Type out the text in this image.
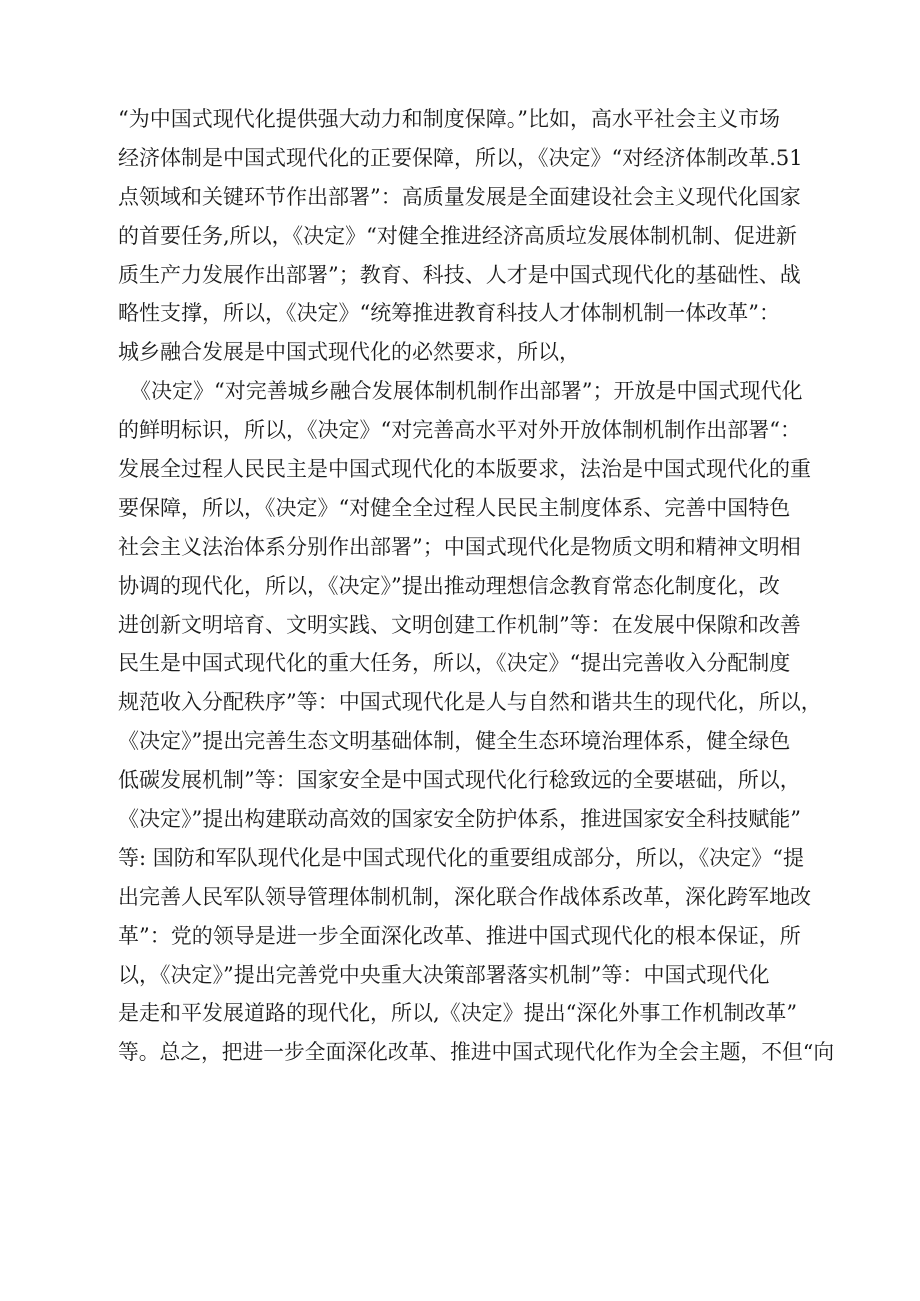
“为中国式现代化提供强大动力和制度保障。”比如，高水平社会主义市场
经济体制是中国式现代化的正要保障，所以，《决定》“对经济体制改革.51
点领域和关键环节作出部署”：高质量发展是全面建设社会主义现代化国家
的首要任务,所以，《决定》“对健全推进经济高质垃发展体制机制、促进新
质生产力发展作出部署”；教育、科技、人才是中国式现代化的基础性、战
略性支撑，所以，《决定》“统筹推进教育科技人才体制机制一体改革”：
城乡融合发展是中国式现代化的必然要求，所以，
《决定》“对完善城乡融合发展体制机制作出部署”；开放是中国式现代化
的鲜明标识，所以，《决定》“对完善高水平对外开放体制机制作出部署“：
发展全过程人民民主是中国式现代化的本版要求，法治是中国式现代化的重
要保障，所以，《决定》“对健全全过程人民民主制度体系、完善中国特色
社会主义法治体系分别作出部署”；中国式现代化是物质文明和精神文明相
协调的现代化，所以，《决定》”提出推动理想信念教育常态化制度化，改
进创新文明培育、文明实践、文明创建工作机制”等：在发展中保隙和改善
民生是中国式现代化的重大任务，所以，《决定》“提出完善收入分配制度
规范收入分配秩序”等：中国式现代化是人与自然和谐共生的现代化，所以，
《决定》”提出完善生态文明基础体制，健全生态环境治理体系，健全绿色
低碳发展机制”等：国家安全是中国式现代化行稔致远的全要堪础，所以，
《决定》”提出构建联动高效的国家安全防护体系，推进国家安全科技赋能”
等: 国防和军队现代化是中国式现代化的重要组成部分，所以，《决定》“提
出完善人民军队领导管理体制机制，深化联合作战体系改革，深化跨军地改
革”：党的领导是进一步全面深化改革、推进中国式现代化的根本保证，所
以，《决定》”提出完善党中央重大决策部署落实机制”等：中国式现代化
是走和平发展道路的现代化，所以,《决定》提出“深化外事工作机制改革”
等。总之，把进一步全面深化改革、推进中国式现代化作为全会主题，不但“向
